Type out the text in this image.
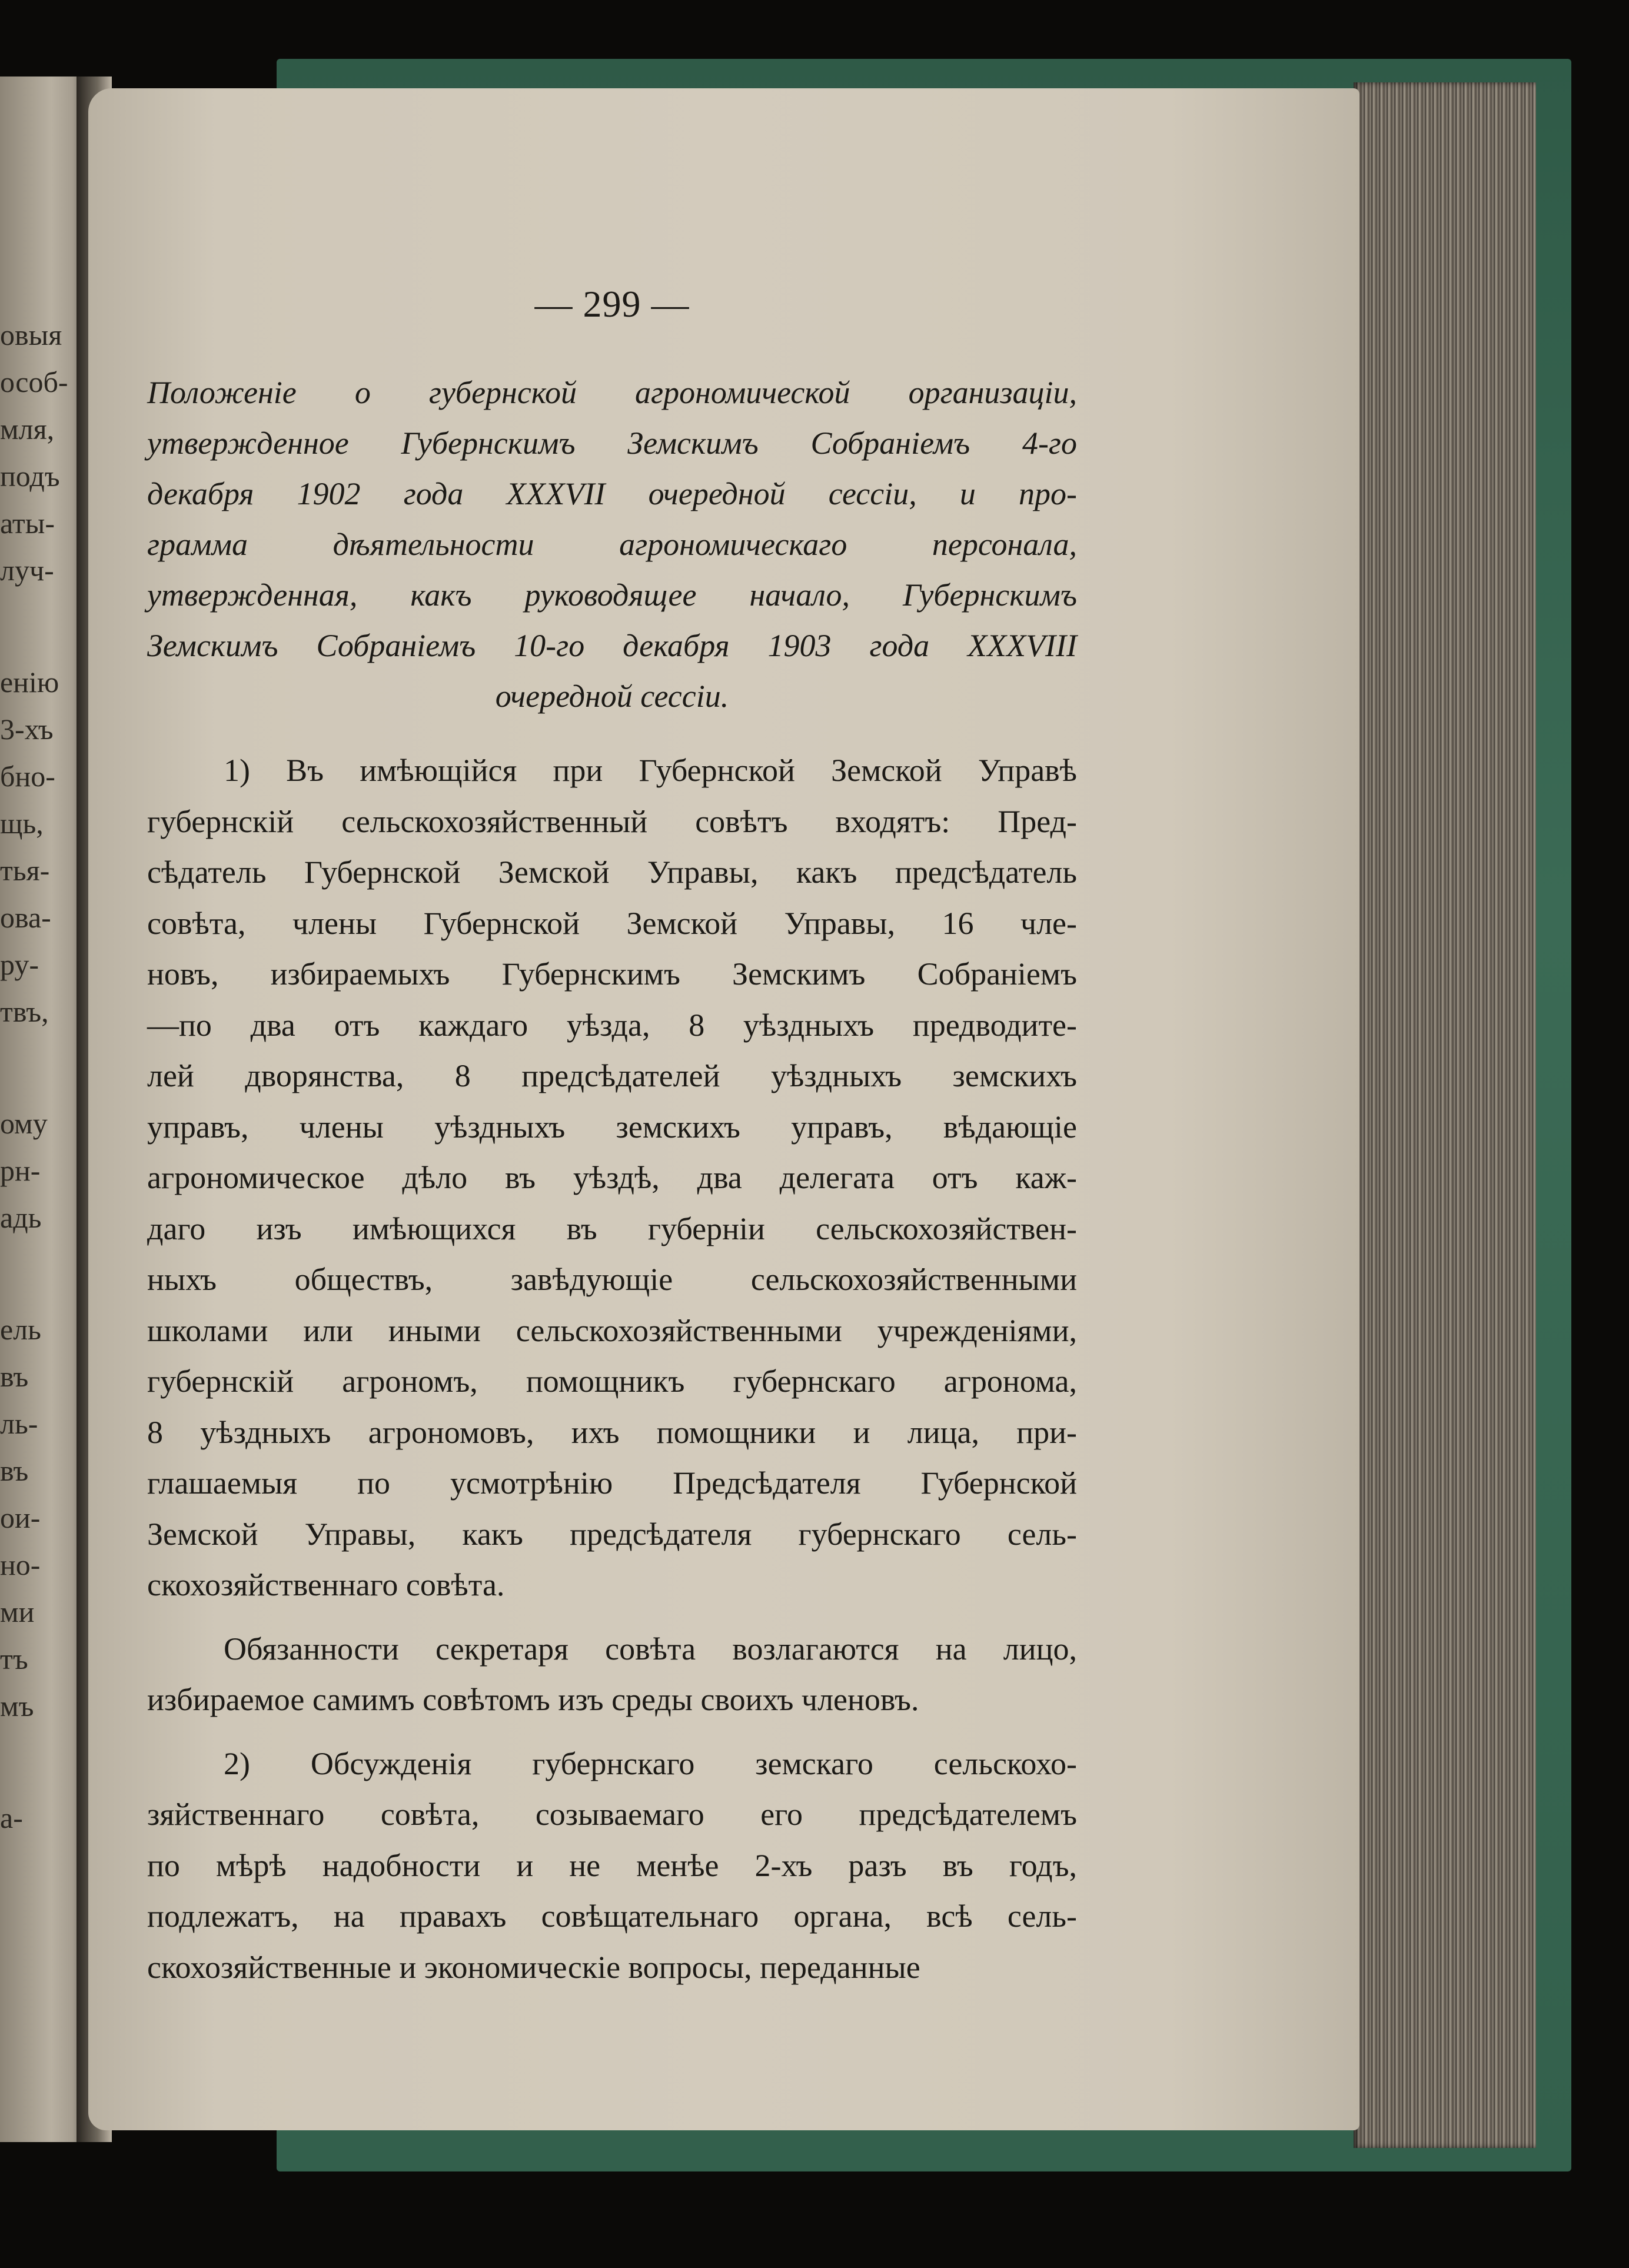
овыя
особ-
мля,
подъ
аты-
луч-
енiю
3-хъ
бно-
щь,
тья-
ова-
ру-
твъ,
ому
рн-
адь
ель
въ
ль-
въ
ои-
но-
ми
тъ
мъ
а-
— 299 —

Положенiе о губернской агрономической организацiи,
утвержденное Губернскимъ Земскимъ Собранiемъ 4-го
декабря 1902 года XXXVII очередной сессiи, и про-
грамма дѣятельности агрономическаго персонала,
утвержденная, какъ руководящее начало, Губернскимъ
Земскимъ Собранiемъ 10-го декабря 1903 года XXXVIII
очередной сессiи.

1) Въ имѣющiйся при Губернской Земской Управѣ
губернскiй сельскохозяйственный совѣтъ входятъ: Пред-
сѣдатель Губернской Земской Управы, какъ предсѣдатель
совѣта, члены Губернской Земской Управы, 16 чле-
новъ, избираемыхъ Губернскимъ Земскимъ Собранiемъ
—по два отъ каждаго уѣзда, 8 уѣздныхъ предводите-
лей дворянства, 8 предсѣдателей уѣздныхъ земскихъ
управъ, члены уѣздныхъ земскихъ управъ, вѣдающiе
агрономическое дѣло въ уѣздѣ, два делегата отъ каж-
даго изъ имѣющихся въ губернiи сельскохозяйствен-
ныхъ обществъ, завѣдующiе сельскохозяйственными
школами или иными сельскохозяйственными учрежденiями,
губернскiй агрономъ, помощникъ губернскаго агронома,
8 уѣздныхъ агрономовъ, ихъ помощники и лица, при-
глашаемыя по усмотрѣнiю Предсѣдателя Губернской
Земской Управы, какъ предсѣдателя губернскаго сель-
скохозяйственнаго совѣта.

Обязанности секретаря совѣта возлагаются на лицо,
избираемое самимъ совѣтомъ изъ среды своихъ членовъ.

2) Обсужденiя губернскаго земскаго сельскохо-
зяйственнаго совѣта, созываемаго его предсѣдателемъ
по мѣрѣ надобности и не менѣе 2-хъ разъ въ годъ,
подлежатъ, на правахъ совѣщательнаго органа, всѣ сель-
скохозяйственные и экономическiе вопросы, переданные
